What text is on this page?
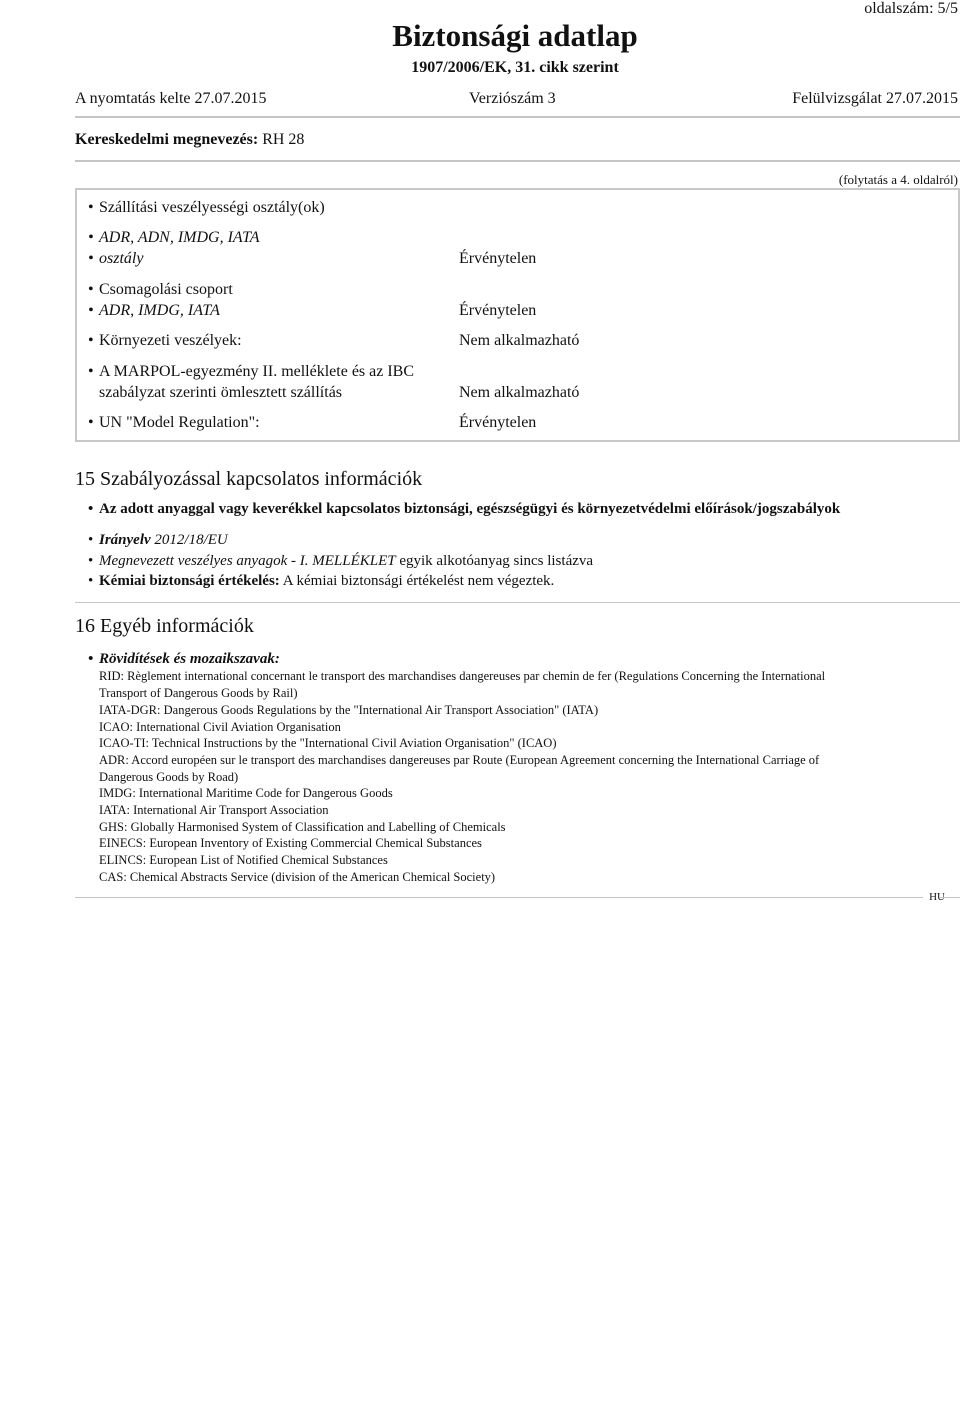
oldalszám: 5/5
Biztonsági adatlap
1907/2006/EK, 31. cikk szerint
A nyomtatás kelte 27.07.2015	Verziószám 3	Felülvizsgálat 27.07.2015
Kereskedelmi megnevezés: RH 28
(folytatás a 4. oldalról)
• Szállítási veszélyességi osztály(ok)
• ADR, ADN, IMDG, IATA
• osztály	Érvénytelen
• Csomagolási csoport
• ADR, IMDG, IATA	Érvénytelen
• Környezeti veszélyek:	Nem alkalmazható
• A MARPOL-egyezmény II. melléklete és az IBC
szabályzat szerinti ömlesztett szállítás	Nem alkalmazható
• UN "Model Regulation":	Érvénytelen
15 Szabályozással kapcsolatos információk
• Az adott anyaggal vagy keverékkel kapcsolatos biztonsági, egészségügyi és környezetvédelmi előírások/jogszabályok
• Irányelv 2012/18/EU
• Megnevezett veszélyes anyagok - I. MELLÉKLET egyik alkotóanyag sincs listázva
• Kémiai biztonsági értékelés: A kémiai biztonsági értékelést nem végeztek.
16 Egyéb információk
• Rövidítések és mozaikszavak:
RID: Règlement international concernant le transport des marchandises dangereuses par chemin de fer (Regulations Concerning the International
Transport of Dangerous Goods by Rail)
IATA-DGR: Dangerous Goods Regulations by the "International Air Transport Association" (IATA)
ICAO: International Civil Aviation Organisation
ICAO-TI: Technical Instructions by the "International Civil Aviation Organisation" (ICAO)
ADR: Accord européen sur le transport des marchandises dangereuses par Route (European Agreement concerning the International Carriage of
Dangerous Goods by Road)
IMDG: International Maritime Code for Dangerous Goods
IATA: International Air Transport Association
GHS: Globally Harmonised System of Classification and Labelling of Chemicals
EINECS: European Inventory of Existing Commercial Chemical Substances
ELINCS: European List of Notified Chemical Substances
CAS: Chemical Abstracts Service (division of the American Chemical Society)
HU
